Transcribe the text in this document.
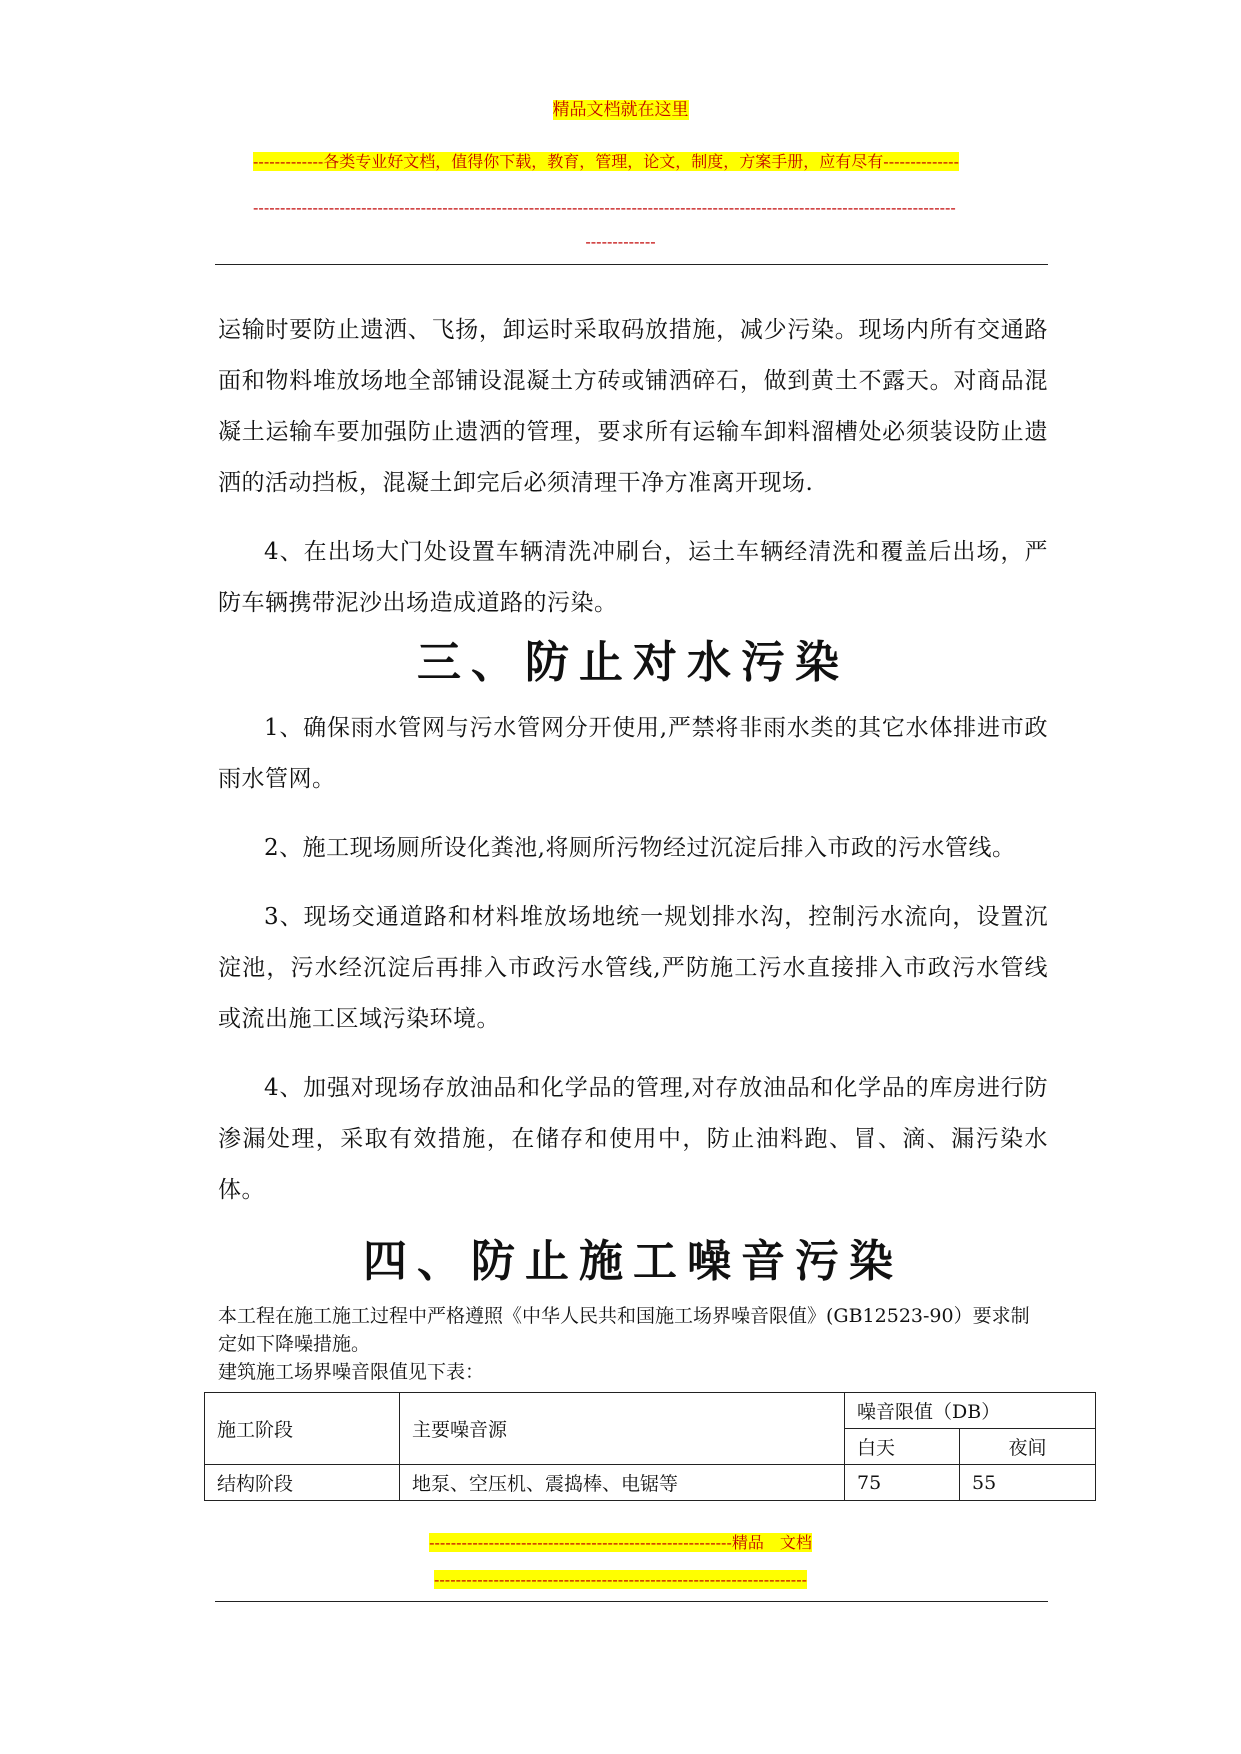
精品文档就在这里
-------------各类专业好文档，值得你下载，教育，管理，论文，制度，方案手册，应有尽有--------------
----------------------------------------------------------------------------------------------------------------------------------
-------------

运输时要防止遗洒、飞扬，卸运时采取码放措施，减少污染。现场内所有交通路面和物料堆放场地全部铺设混凝土方砖或铺洒碎石，做到黄土不露天。对商品混凝土运输车要加强防止遗洒的管理，要求所有运输车卸料溜槽处必须装设防止遗洒的活动挡板，混凝土卸完后必须清理干净方准离开现场.

4、在出场大门处设置车辆清洗冲刷台，运土车辆经清洗和覆盖后出场，严防车辆携带泥沙出场造成道路的污染。

三、防止对水污染

1、确保雨水管网与污水管网分开使用,严禁将非雨水类的其它水体排进市政雨水管网。

2、施工现场厕所设化粪池,将厕所污物经过沉淀后排入市政的污水管线。

3、现场交通道路和材料堆放场地统一规划排水沟，控制污水流向，设置沉淀池，污水经沉淀后再排入市政污水管线,严防施工污水直接排入市政污水管线或流出施工区域污染环境。

4、加强对现场存放油品和化学品的管理,对存放油品和化学品的库房进行防渗漏处理，采取有效措施，在储存和使用中，防止油料跑、冒、滴、漏污染水体。

四、防止施工噪音污染

本工程在施工施工过程中严格遵照《中华人民共和国施工场界噪音限值》(GB12523-90）要求制定如下降噪措施。

建筑施工场界噪音限值见下表：

施工阶段	主要噪音源	噪音限值（DB）	
		白天	夜间
结构阶段	地泵、空压机、震捣棒、电锯等	75	55
--------------------------------------------------------精品　文档
---------------------------------------------------------------------
